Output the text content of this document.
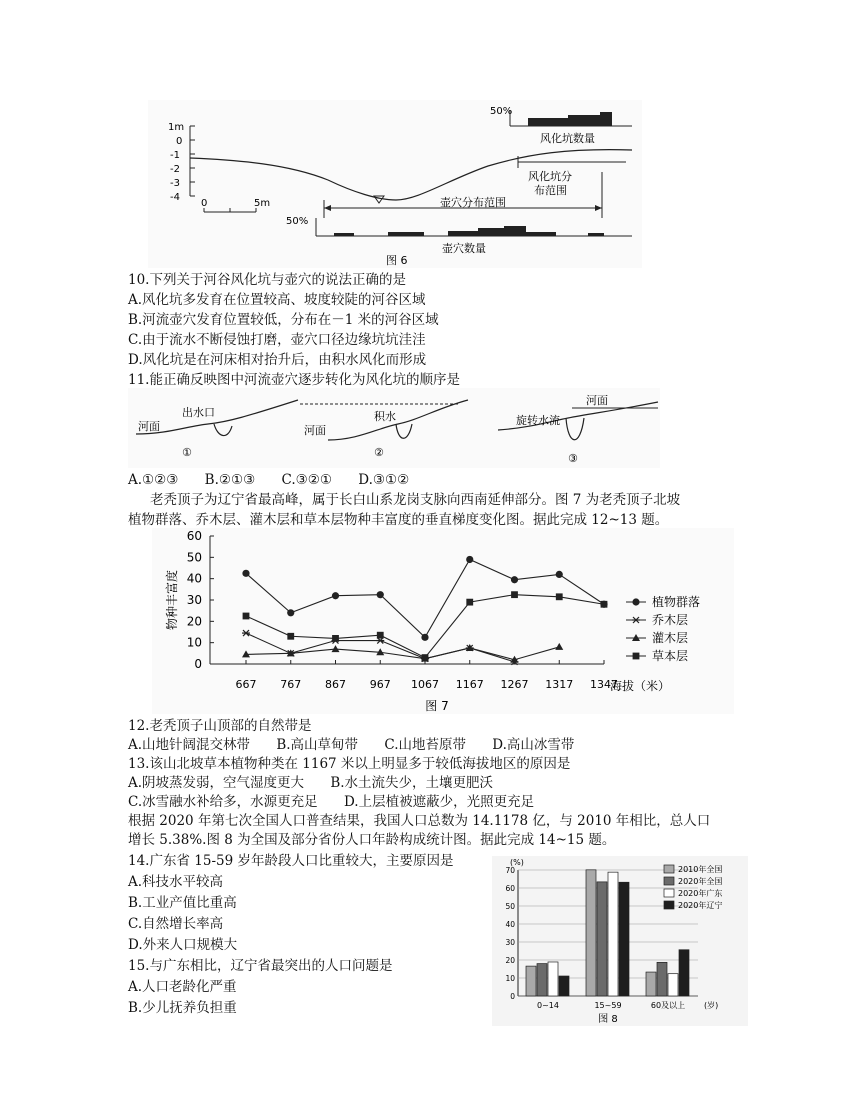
1m
0
-1
-2
-3
-4
0	5m
50%
风化坑数量
风化坑分
布范围
壶穴分布范围
50%
壶穴数量
图 6
10.下列关于河谷风化坑与壶穴的说法正确的是
A.风化坑多发育在位置较高、坡度较陡的河谷区域
B.河流壶穴发育位置较低，分布在－1 米的河谷区域
C.由于流水不断侵蚀打磨，壶穴口径边缘坑坑洼洼
D.风化坑是在河床相对抬升后，由积水风化而形成
11.能正确反映图中河流壶穴逐步转化为风化坑的顺序是
河面
出水口
①
河面
积水
②
河面
旋转水流
③
A.①②③ B.②①③ C.③②① D.③①②
老秃顶子为辽宁省最高峰，属于长白山系龙岗支脉向西南延伸部分。图 7 为老秃顶子北坡
植物群落、乔木层、灌木层和草本层物种丰富度的垂直梯度变化图。据此完成 12~13 题。
0
10
20
30
40
50
60
667 767 867 967 1067 1167 1267 1317 1347
物种丰富度
海拔（米）
图 7
植物群落
乔木层
灌木层
草本层
12.老秃顶子山顶部的自然带是
A.山地针阔混交林带 B.高山草甸带 C.山地苔原带 D.高山冰雪带
13.该山北坡草本植物种类在 1167 米以上明显多于较低海拔地区的原因是
A.阴坡蒸发弱，空气湿度更大 B.水土流失少，土壤更肥沃
C.冰雪融水补给多，水源更充足 D.上层植被遮蔽少，光照更充足
根据 2020 年第七次全国人口普查结果，我国人口总数为 14.1178 亿，与 2010 年相比，总人口
增长 5.38%.图 8 为全国及部分省份人口年龄构成统计图。据此完成 14~15 题。
14.广东省 15-59 岁年龄段人口比重较大，主要原因是
A.科技水平较高
B.工业产值比重高
C.自然增长率高
D.外来人口规模大
15.与广东相比，辽宁省最突出的人口问题是
A.人口老龄化严重
B.少儿抚养负担重
(%)
0
10
20
30
40
50
60
70
0~14	15~59	60及以上 (岁)
2010年全国
2020年全国
2020年广东
2020年辽宁
图 8
